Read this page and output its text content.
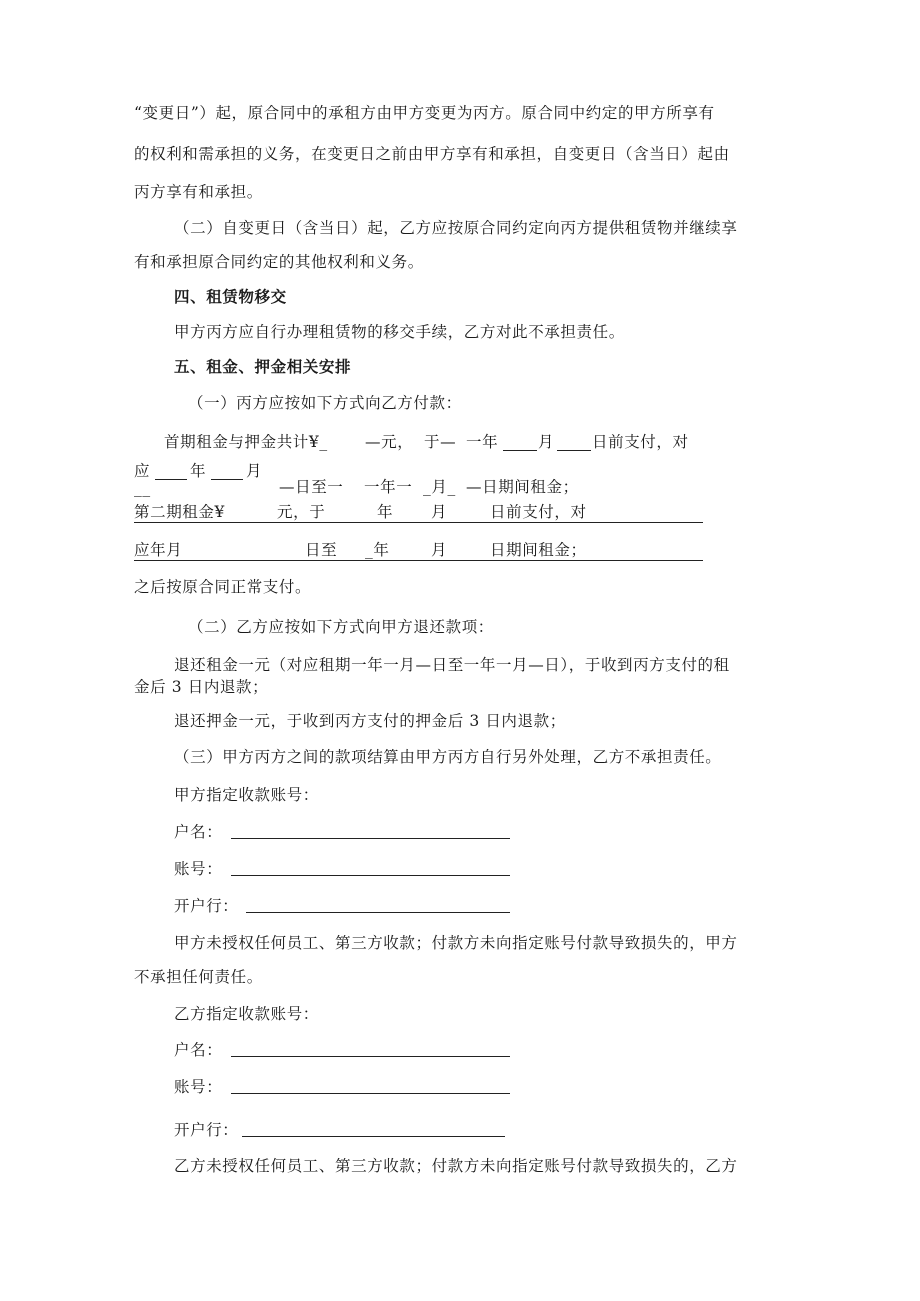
“变更日”）起，原合同中的承租方由甲方变更为丙方。原合同中约定的甲方所享有
的权利和需承担的义务，在变更日之前由甲方享有和承担，自变更日（含当日）起由
丙方享有和承担。
（二）自变更日（含当日）起，乙方应按原合同约定向丙方提供租赁物并继续享
有和承担原合同约定的其他权利和义务。
四、租赁物移交
甲方丙方应自行办理租赁物的移交手续，乙方对此不承担责任。
五、租金、押金相关安排
（一）丙方应按如下方式向乙方付款：
首期租金与押金共计¥_ —元， 于— 一年	月 日前支付，对
应	年	月
__	—日至一 一年一 _月_ —日期间租金；
第二期租金¥	元，于	年 月	日前支付，对
应年月	日至 _年	月	日期间租金；
之后按原合同正常支付。
（二）乙方应按如下方式向甲方退还款项：
退还租金一元（对应租期一年一月—日至一年一月—日），于收到丙方支付的租
金后 3 日内退款；
退还押金一元，于收到丙方支付的押金后 3 日内退款；
（三）甲方丙方之间的款项结算由甲方丙方自行另外处理，乙方不承担责任。
甲方指定收款账号：
户名：
账号：
开户行：
甲方未授权任何员工、第三方收款；付款方未向指定账号付款导致损失的，甲方
不承担任何责任。
乙方指定收款账号：
户名：
账号：
开户行：
乙方未授权任何员工、第三方收款；付款方未向指定账号付款导致损失的，乙方
